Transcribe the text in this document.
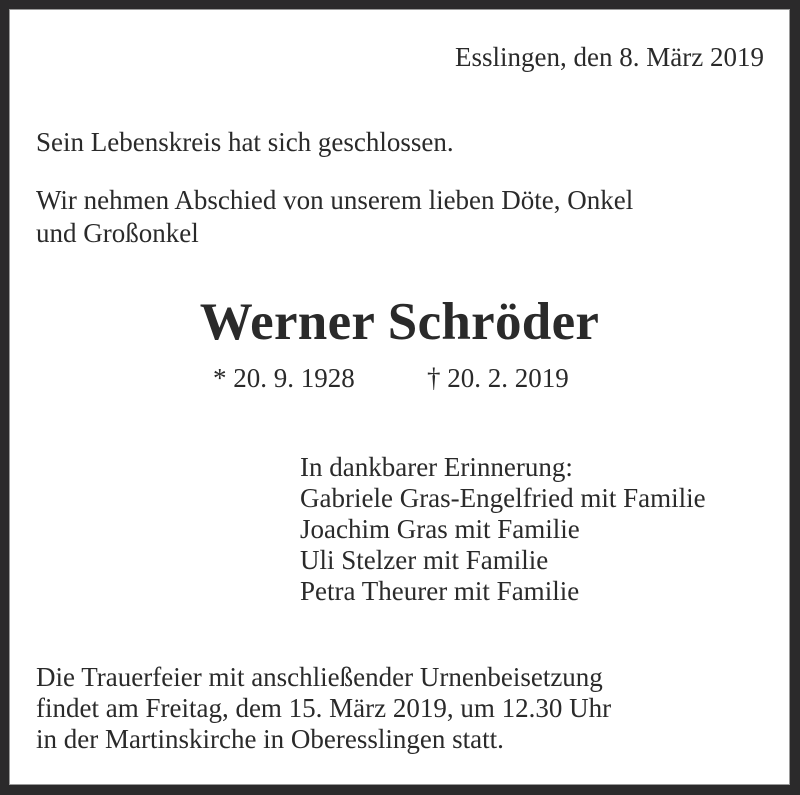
Esslingen, den 8. März 2019
Sein Lebenskreis hat sich geschlossen.
Wir nehmen Abschied von unserem lieben Döte, Onkel
und Großonkel
Werner Schröder
* 20. 9. 1928	† 20. 2. 2019
In dankbarer Erinnerung:
Gabriele Gras-Engelfried mit Familie
Joachim Gras mit Familie
Uli Stelzer mit Familie
Petra Theurer mit Familie
Die Trauerfeier mit anschließender Urnenbeisetzung
findet am Freitag, dem 15. März 2019, um 12.30 Uhr
in der Martinskirche in Oberesslingen statt.
